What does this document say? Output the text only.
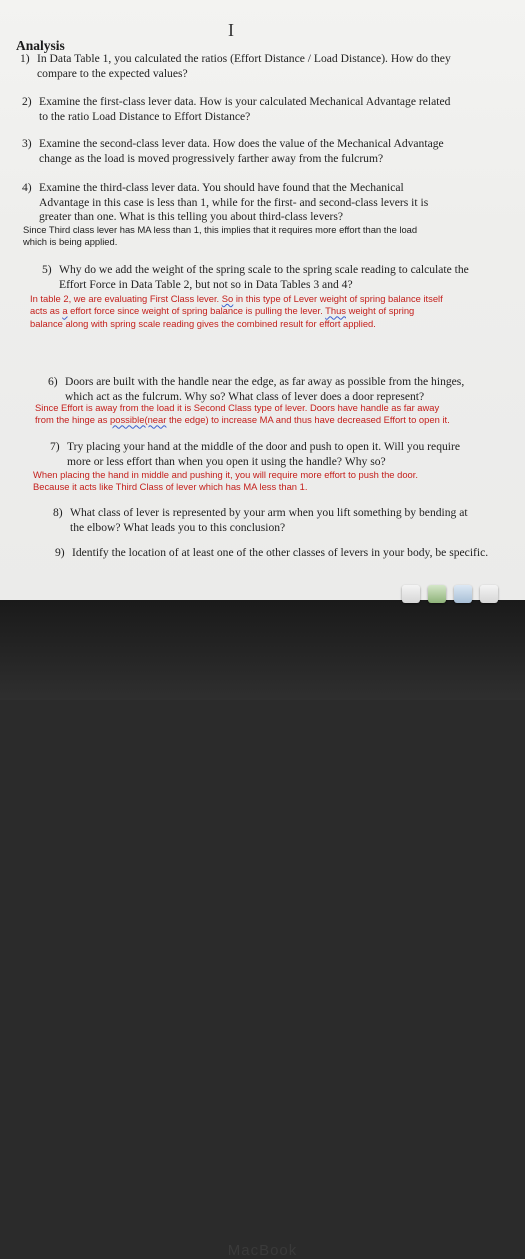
I
Analysis
1) In Data Table 1, you calculated the ratios (Effort Distance / Load Distance). How do they
compare to the expected values?
2) Examine the first-class lever data. How is your calculated Mechanical Advantage related
to the ratio Load Distance to Effort Distance?
3) Examine the second-class lever data. How does the value of the Mechanical Advantage
change as the load is moved progressively farther away from the fulcrum?
4) Examine the third-class lever data. You should have found that the Mechanical
Advantage in this case is less than 1, while for the first- and second-class levers it is
greater than one. What is this telling you about third-class levers?
Since Third class lever has MA less than 1, this implies that it requires more effort than the load
which is being applied.
5) Why do we add the weight of the spring scale to the spring scale reading to calculate the
Effort Force in Data Table 2, but not so in Data Tables 3 and 4?
In table 2, we are evaluating First Class lever. So in this type of Lever weight of spring balance itself
acts as a effort force since weight of spring balance is pulling the lever. Thus weight of spring
balance along with spring scale reading gives the combined result for effort applied.
6) Doors are built with the handle near the edge, as far away as possible from the hinges,
which act as the fulcrum. Why so? What class of lever does a door represent?
Since Effort is away from the load it is Second Class type of lever. Doors have handle as far away
from the hinge as possible(near the edge) to increase MA and thus have decreased Effort to open it.
7) Try placing your hand at the middle of the door and push to open it. Will you require
more or less effort than when you open it using the handle? Why so?
When placing the hand in middle and pushing it, you will require more effort to push the door.
Because it acts like Third Class of lever which has MA less than 1.
8) What class of lever is represented by your arm when you lift something by bending at
the elbow? What leads you to this conclusion?
9) Identify the location of at least one of the other classes of levers in your body, be specific.
MacBook
